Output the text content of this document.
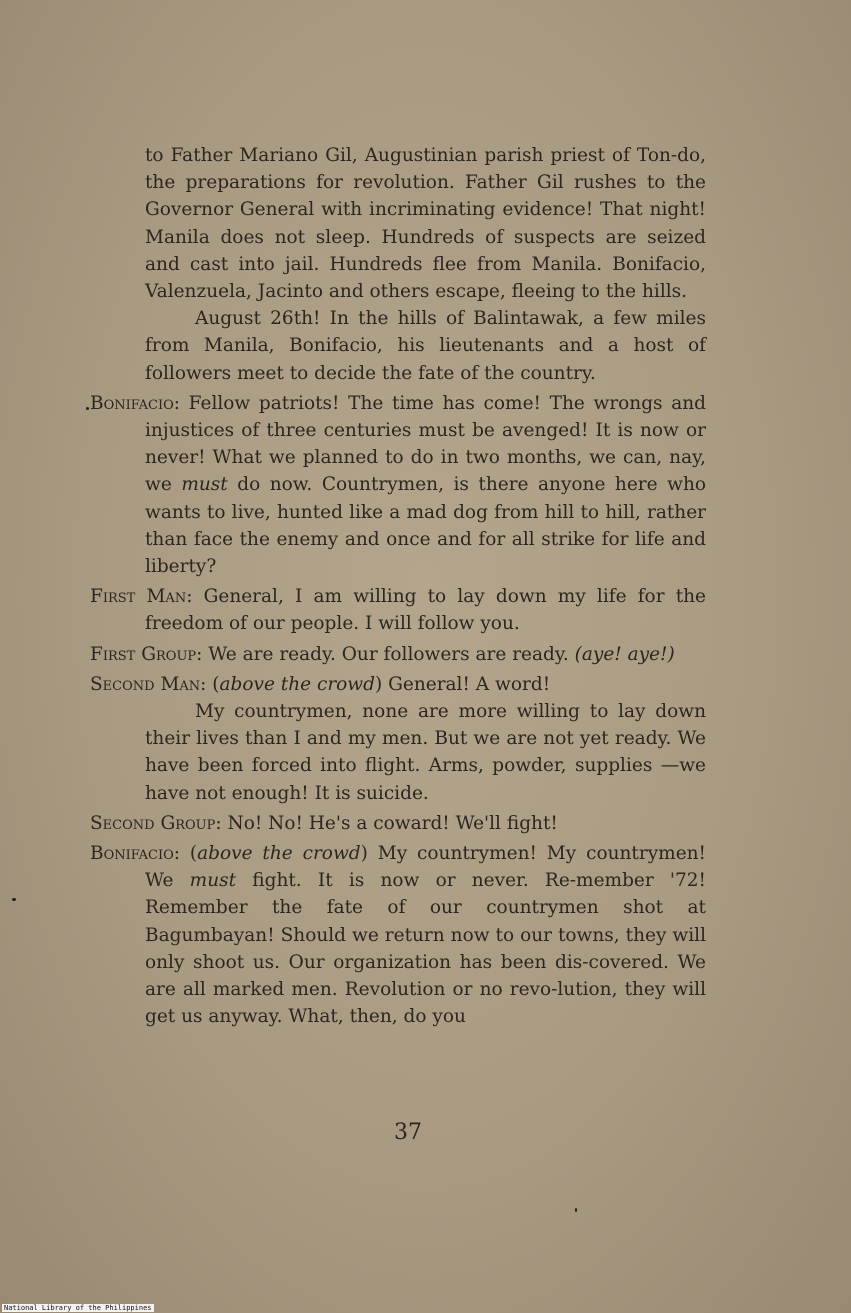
to Father Mariano Gil, Augustinian parish priest of Ton-do, the preparations for revolution. Father Gil rushes to the Governor General with incriminating evidence! That night! Manila does not sleep. Hundreds of suspects are seized and cast into jail. Hundreds flee from Manila. Bonifacio, Valenzuela, Jacinto and others escape, fleeing to the hills.

August 26th! In the hills of Balintawak, a few miles from Manila, Bonifacio, his lieutenants and a host of followers meet to decide the fate of the country.

Bonifacio: Fellow patriots! The time has come! The wrongs and injustices of three centuries must be avenged! It is now or never! What we planned to do in two months, we can, nay, we must do now. Countrymen, is there anyone here who wants to live, hunted like a mad dog from hill to hill, rather than face the enemy and once and for all strike for life and liberty?

First Man: General, I am willing to lay down my life for the freedom of our people. I will follow you.

First Group: We are ready. Our followers are ready. (aye! aye!)

Second Man: (above the crowd) General! A word!

My countrymen, none are more willing to lay down their lives than I and my men. But we are not yet ready. We have been forced into flight. Arms, powder, supplies —we have not enough! It is suicide.

Second Group: No! No! He's a coward! We'll fight!

Bonifacio: (above the crowd) My countrymen! My countrymen! We must fight. It is now or never. Re-member '72! Remember the fate of our countrymen shot at Bagumbayan! Should we return now to our towns, they will only shoot us. Our organization has been dis-covered. We are all marked men. Revolution or no revo-lution, they will get us anyway. What, then, do you

37
National Library of the Philippines
